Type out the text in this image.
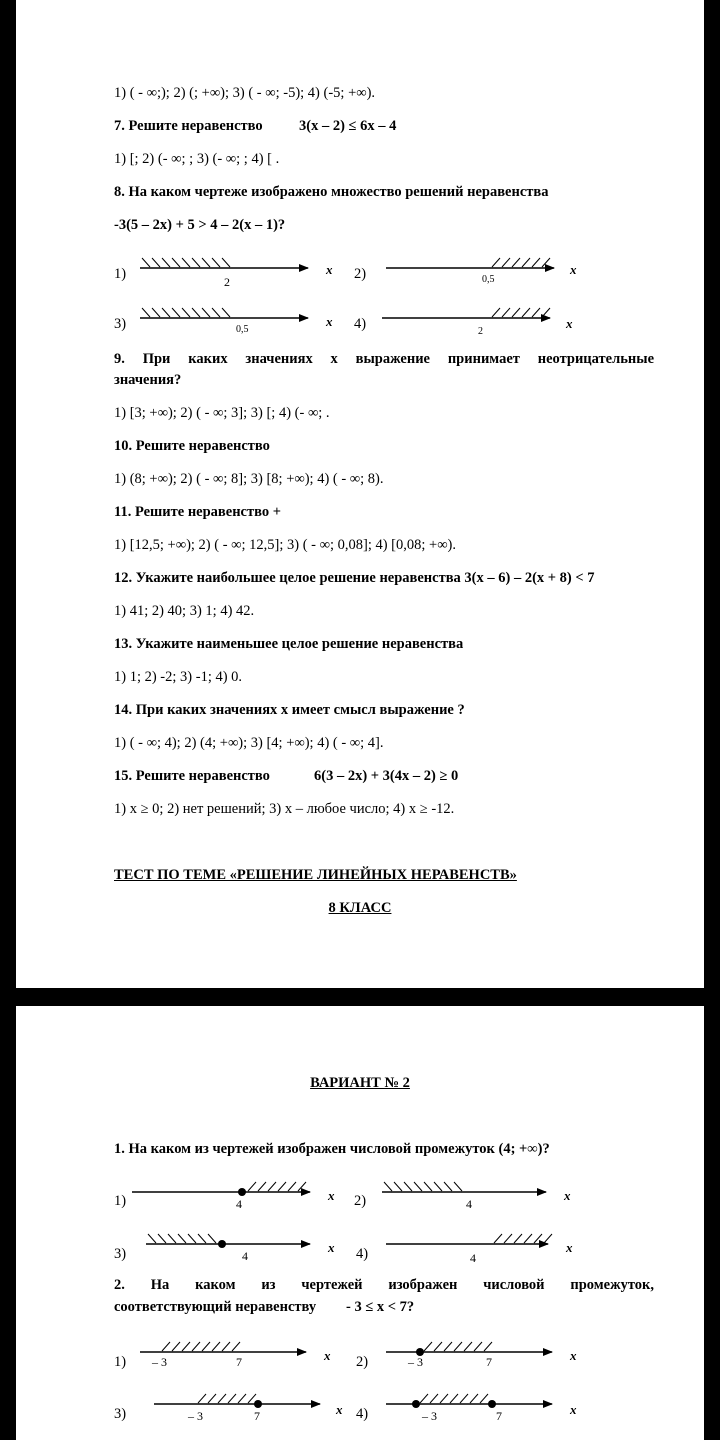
1) ( - ∞;); 2) (; +∞); 3) ( - ∞; -5); 4) (-5; +∞).
7. Решите неравенство	3(x – 2) ≤ 6x – 4
1) [; 2) (- ∞; ; 3) (- ∞; ; 4) [ .
8. На каком чертеже изображено множество решений неравенства
-3(5 – 2x) + 5 > 4 – 2(x – 1)?
1)	2
x 2)	0,5
x
3)	0,5
x 4)	2
x
9. При каких значениях х выражение принимает неотрицательные
значения?
1) [3; +∞); 2) ( - ∞; 3]; 3) [; 4) (- ∞; .
10. Решите неравенство
1) (8; +∞); 2) ( - ∞; 8]; 3) [8; +∞); 4) ( - ∞; 8).
11. Решите неравенство +
1) [12,5; +∞); 2) ( - ∞; 12,5]; 3) ( - ∞; 0,08]; 4) [0,08; +∞).
12. Укажите наибольшее целое решение неравенства 3(х – 6) – 2(х + 8) < 7
1) 41; 2) 40; 3) 1; 4) 42.
13. Укажите наименьшее целое решение неравенства
1) 1; 2) -2; 3) -1; 4) 0.
14. При каких значениях х имеет смысл выражение ?
1) ( - ∞; 4); 2) (4; +∞); 3) [4; +∞); 4) ( - ∞; 4].
15. Решите неравенство	6(3 – 2x) + 3(4x – 2) ≥ 0
1) x ≥ 0; 2) нет решений; 3) x – любое число; 4) x ≥ -12.
ТЕСТ ПО ТЕМЕ «РЕШЕНИЕ ЛИНЕЙНЫХ НЕРАВЕНСТВ»
8 КЛАСС
ВАРИАНТ № 2
1. На каком из чертежей изображен числовой промежуток (4; +∞)?
1)	4
x 2)	4
x
3)	4
x 4)	4
x
2. На каком из чертежей изображен числовой промежуток,
соответствующий неравенству - 3 ≤ x < 7?
1) – 3	7	x 2)	– 3	7	x
3)	– 3	7	x 4)	– 3	7	x
